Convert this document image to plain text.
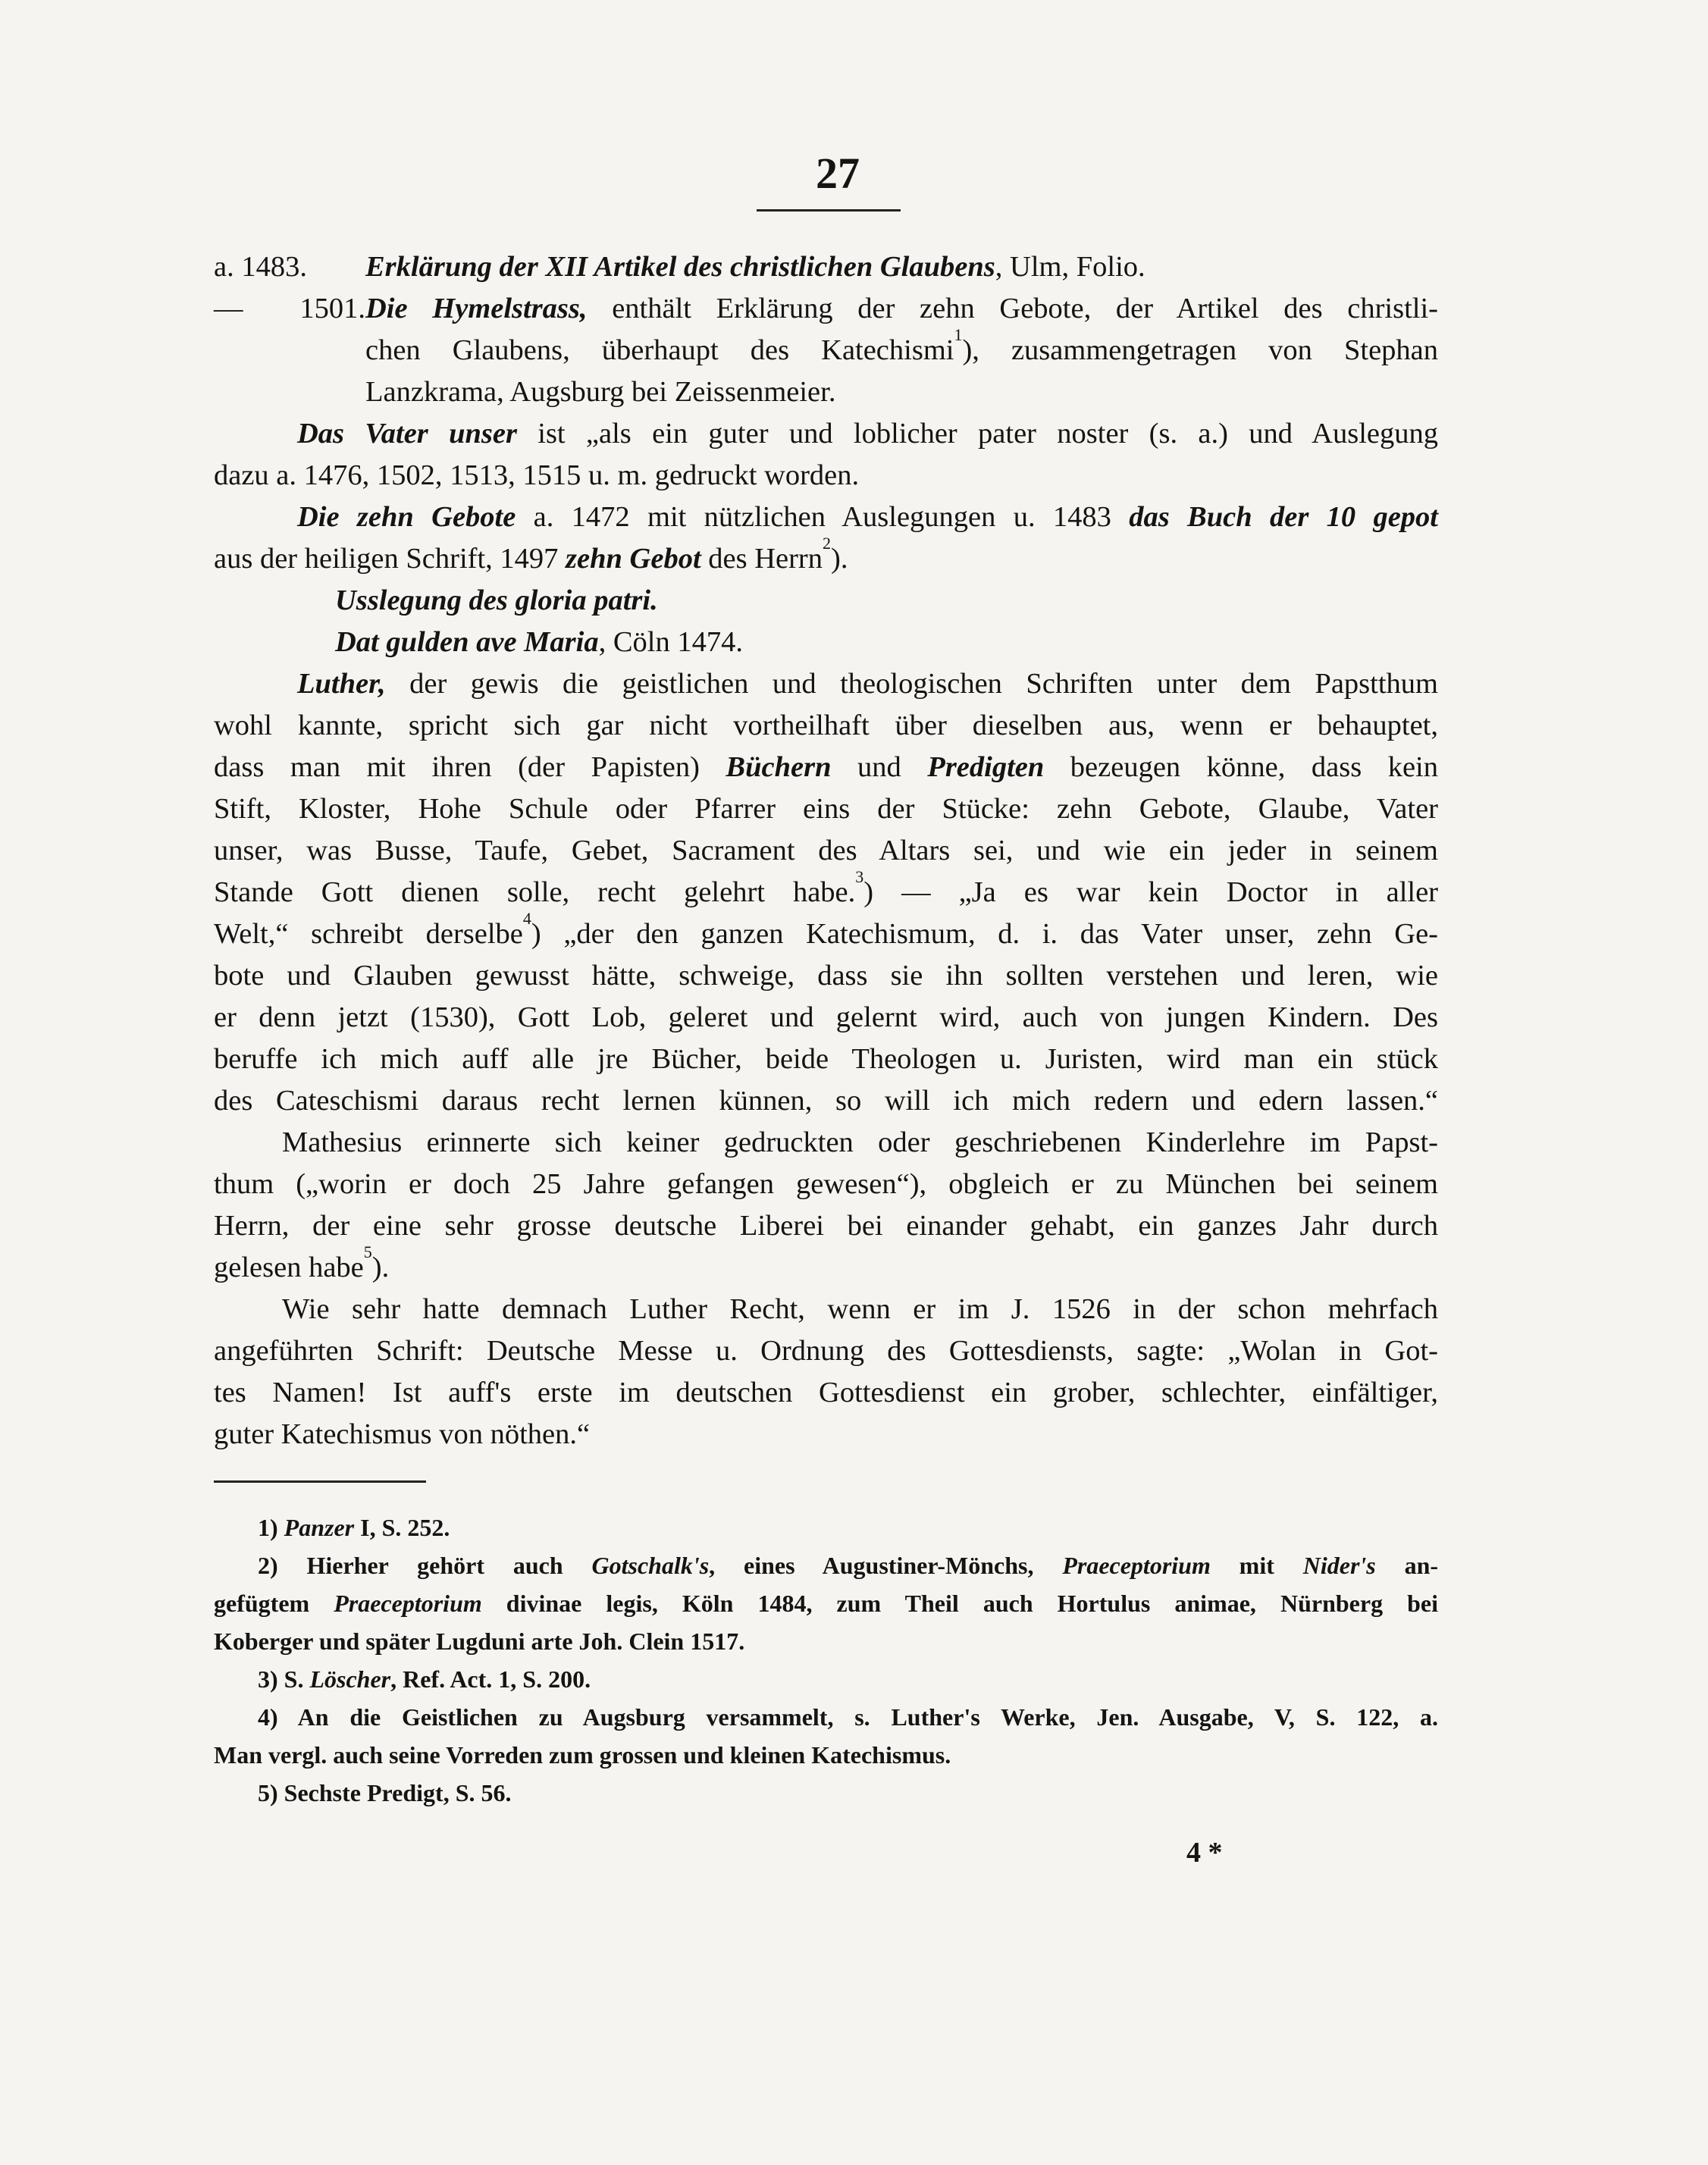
27
a. 1483. Erklärung der XII Artikel des christlichen Glaubens, Ulm, Folio.
— 1501.Die Hymelstrass, enthält Erklärung der zehn Gebote, der Artikel des christli-
chen Glaubens, überhaupt des Katechismi$^1$), zusammengetragen von Stephan
Lanzkrama, Augsburg bei Zeissenmeier.
Das Vater unser ist „als ein guter und loblicher pater noster (s. a.) und Auslegung
dazu a. 1476, 1502, 1513, 1515 u. m. gedruckt worden.
Die zehn Gebote a. 1472 mit nützlichen Auslegungen u. 1483 das Buch der 10 gepot
aus der heiligen Schrift, 1497 zehn Gebot des Herrn$^2$).
Usslegung des gloria patri.
Dat gulden ave Maria, Cöln 1474.
Luther, der gewis die geistlichen und theologischen Schriften unter dem Papstthum
wohl kannte, spricht sich gar nicht vortheilhaft über dieselben aus, wenn er behauptet,
dass man mit ihren (der Papisten) Büchern und Predigten bezeugen könne, dass kein
Stift, Kloster, Hohe Schule oder Pfarrer eins der Stücke: zehn Gebote, Glaube, Vater
unser, was Busse, Taufe, Gebet, Sacrament des Altars sei, und wie ein jeder in seinem
Stande Gott dienen solle, recht gelehrt habe.$^3$) — „Ja es war kein Doctor in aller
Welt,“ schreibt derselbe$^4$) „der den ganzen Katechismum, d. i. das Vater unser, zehn Ge-
bote und Glauben gewusst hätte, schweige, dass sie ihn sollten verstehen und leren, wie
er denn jetzt (1530), Gott Lob, geleret und gelernt wird, auch von jungen Kindern. Des
beruffe ich mich auff alle jre Bücher, beide Theologen u. Juristen, wird man ein stück
des Cateschismi daraus recht lernen künnen, so will ich mich redern und edern lassen.“
Mathesius erinnerte sich keiner gedruckten oder geschriebenen Kinderlehre im Papst-
thum („worin er doch 25 Jahre gefangen gewesen“), obgleich er zu München bei seinem
Herrn, der eine sehr grosse deutsche Liberei bei einander gehabt, ein ganzes Jahr durch
gelesen habe$^5$).
Wie sehr hatte demnach Luther Recht, wenn er im J. 1526 in der schon mehrfach
angeführten Schrift: Deutsche Messe u. Ordnung des Gottesdiensts, sagte: „Wolan in Got-
tes Namen! Ist auff's erste im deutschen Gottesdienst ein grober, schlechter, einfältiger,
guter Katechismus von nöthen.“
1) Panzer I, S. 252.
2) Hierher gehört auch Gotschalk's, eines Augustiner-Mönchs, Praeceptorium mit Nider's an-
gefügtem Praeceptorium divinae legis, Köln 1484, zum Theil auch Hortulus animae, Nürnberg bei
Koberger und später Lugduni arte Joh. Clein 1517.
3) S. Löscher, Ref. Act. 1, S. 200.
4) An die Geistlichen zu Augsburg versammelt, s. Luther's Werke, Jen. Ausgabe, V, S. 122, a.
Man vergl. auch seine Vorreden zum grossen und kleinen Katechismus.
5) Sechste Predigt, S. 56.
4 *
